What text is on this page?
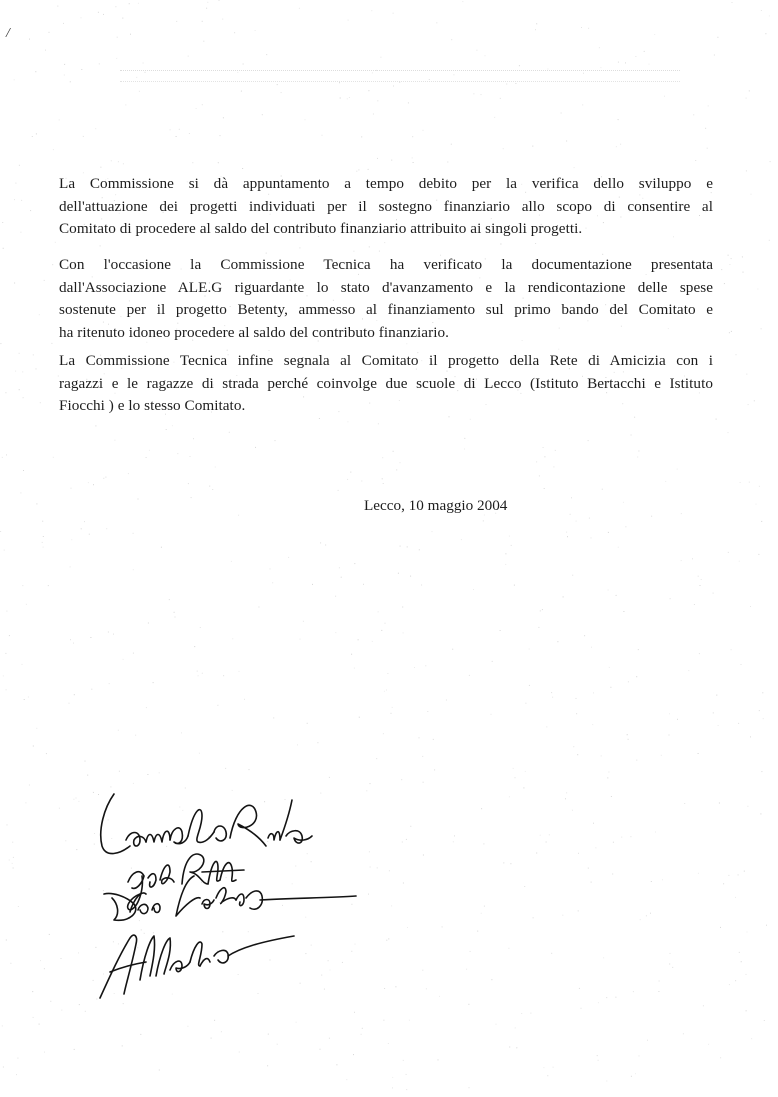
/

La Commissione si dà appuntamento a tempo debito per la verifica dello sviluppo e
dell'attuazione dei progetti individuati per il sostegno finanziario allo scopo di consentire al
Comitato di procedere al saldo del contributo finanziario attribuito ai singoli progetti.

Con l'occasione la Commissione Tecnica ha verificato la documentazione presentata
dall'Associazione ALE.G riguardante lo stato d'avanzamento e la rendicontazione delle spese
sostenute per il progetto Betenty, ammesso al finanziamento sul primo bando del Comitato e
ha ritenuto idoneo procedere al saldo del contributo finanziario.

La Commissione Tecnica infine segnala al Comitato il progetto della Rete di Amicizia con i
ragazzi e le ragazze di strada perché coinvolge due scuole di Lecco (Istituto Bertacchi e Istituto
Fiocchi ) e lo stesso Comitato.

Lecco, 10 maggio 2004
